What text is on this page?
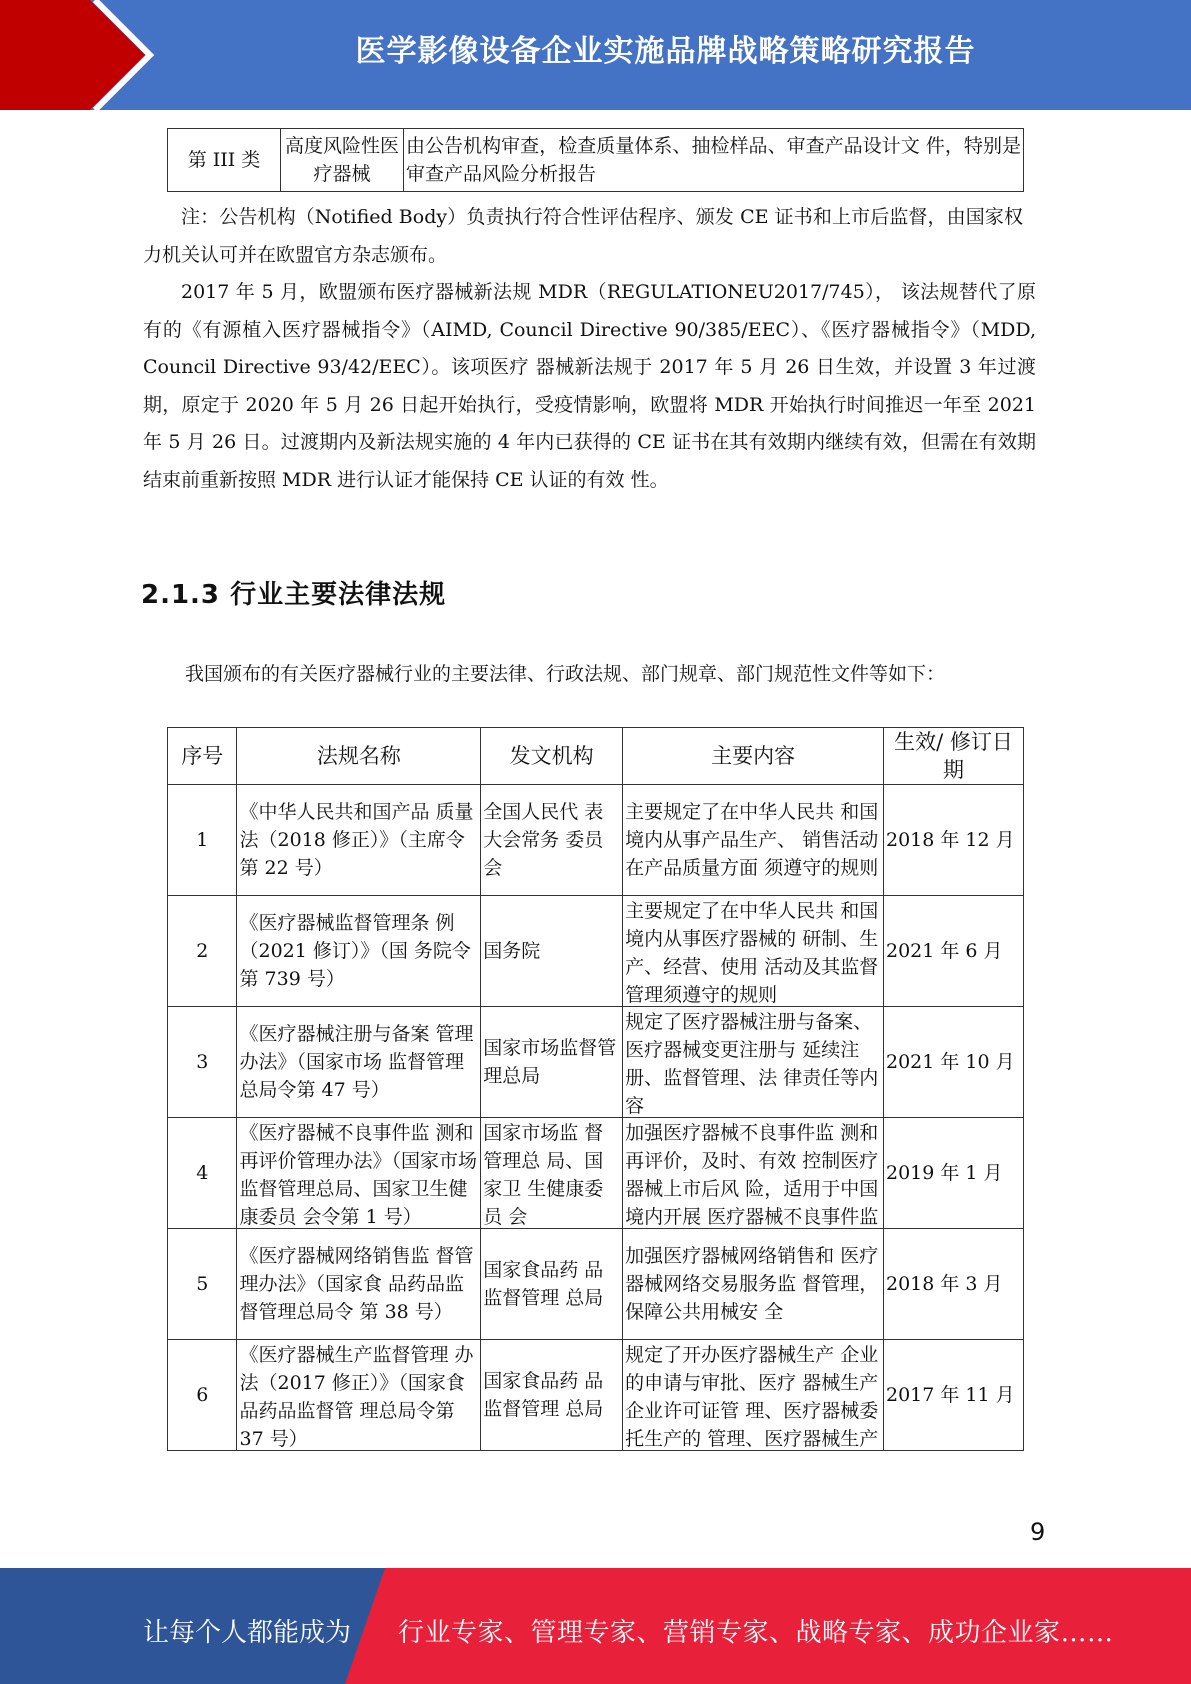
医学影像设备企业实施品牌战略策略研究报告
第 III 类	高度风险性医疗器械	由公告机构审查，检查质量体系、抽检样品、审查产品设计文 件，特别是审查产品风险分析报告
注：公告机构（Notified Body）负责执行符合性评估程序、颁发 CE 证书和上市后监督，由国家权力机关认可并在欧盟官方杂志颁布。
2017 年 5 月，欧盟颁布医疗器械新法规 MDR（REGULATIONEU2017/745）， 该法规替代了原有的《有源植入医疗器械指令》（AIMD, Council Directive 90/385/EEC）、《医疗器械指令》（MDD, Council Directive 93/42/EEC）。该项医疗 器械新法规于 2017 年 5 月 26 日生效，并设置 3 年过渡期，原定于 2020 年 5 月 26 日起开始执行，受疫情影响，欧盟将 MDR 开始执行时间推迟一年至 2021 年 5 月 26 日。过渡期内及新法规实施的 4 年内已获得的 CE 证书在其有效期内继续有效，但需在有效期结束前重新按照 MDR 进行认证才能保持 CE 认证的有效 性。
2.1.3 行业主要法律法规
我国颁布的有关医疗器械行业的主要法律、行政法规、部门规章、部门规范性文件等如下：
序号	法规名称	发文机构	主要内容	生效/ 修订日期
1	《中华人民共和国产品 质量法（2018 修正）》（主席令第 22 号）	全国人民代 表大会常务 委员会	主要规定了在中华人民共 和国境内从事产品生产、 销售活动在产品质量方面 须遵守的规则	2018 年 12 月
2	《医疗器械监督管理条 例（2021 修订）》（国 务院令第 739 号）	国务院	主要规定了在中华人民共 和国境内从事医疗器械的 研制、生产、经营、使用 活动及其监督管理须遵守的规则	2021 年 6 月
3	《医疗器械注册与备案 管理办法》（国家市场 监督管理总局令第 47 号）	国家市场监督管理总局	规定了医疗器械注册与备案、医疗器械变更注册与 延续注册、监督管理、法 律责任等内容	2021 年 10 月
4	《医疗器械不良事件监 测和再评价管理办法》（国家市场监督管理总局、国家卫生健康委员 会令第 1 号）	国家市场监 督管理总 局、国家卫 生健康委员 会	加强医疗器械不良事件监 测和再评价，及时、有效 控制医疗器械上市后风 险，适用于中国境内开展 医疗器械不良事件监	2019 年 1 月
5	《医疗器械网络销售监 督管理办法》（国家食 品药品监督管理总局令 第 38 号）	国家食品药 品监督管理 总局	加强医疗器械网络销售和 医疗器械网络交易服务监 督管理，保障公共用械安 全	2018 年 3 月
6	《医疗器械生产监督管理 办法（2017 修正）》（国家食品药品监督管 理总局令第 37 号）	国家食品药 品监督管理 总局	规定了开办医疗器械生产 企业的申请与审批、医疗 器械生产企业许可证管 理、医疗器械委托生产的 管理、医疗器械生产	2017 年 11 月
9
让每个人都能成为 行业专家、管理专家、营销专家、战略专家、成功企业家……
